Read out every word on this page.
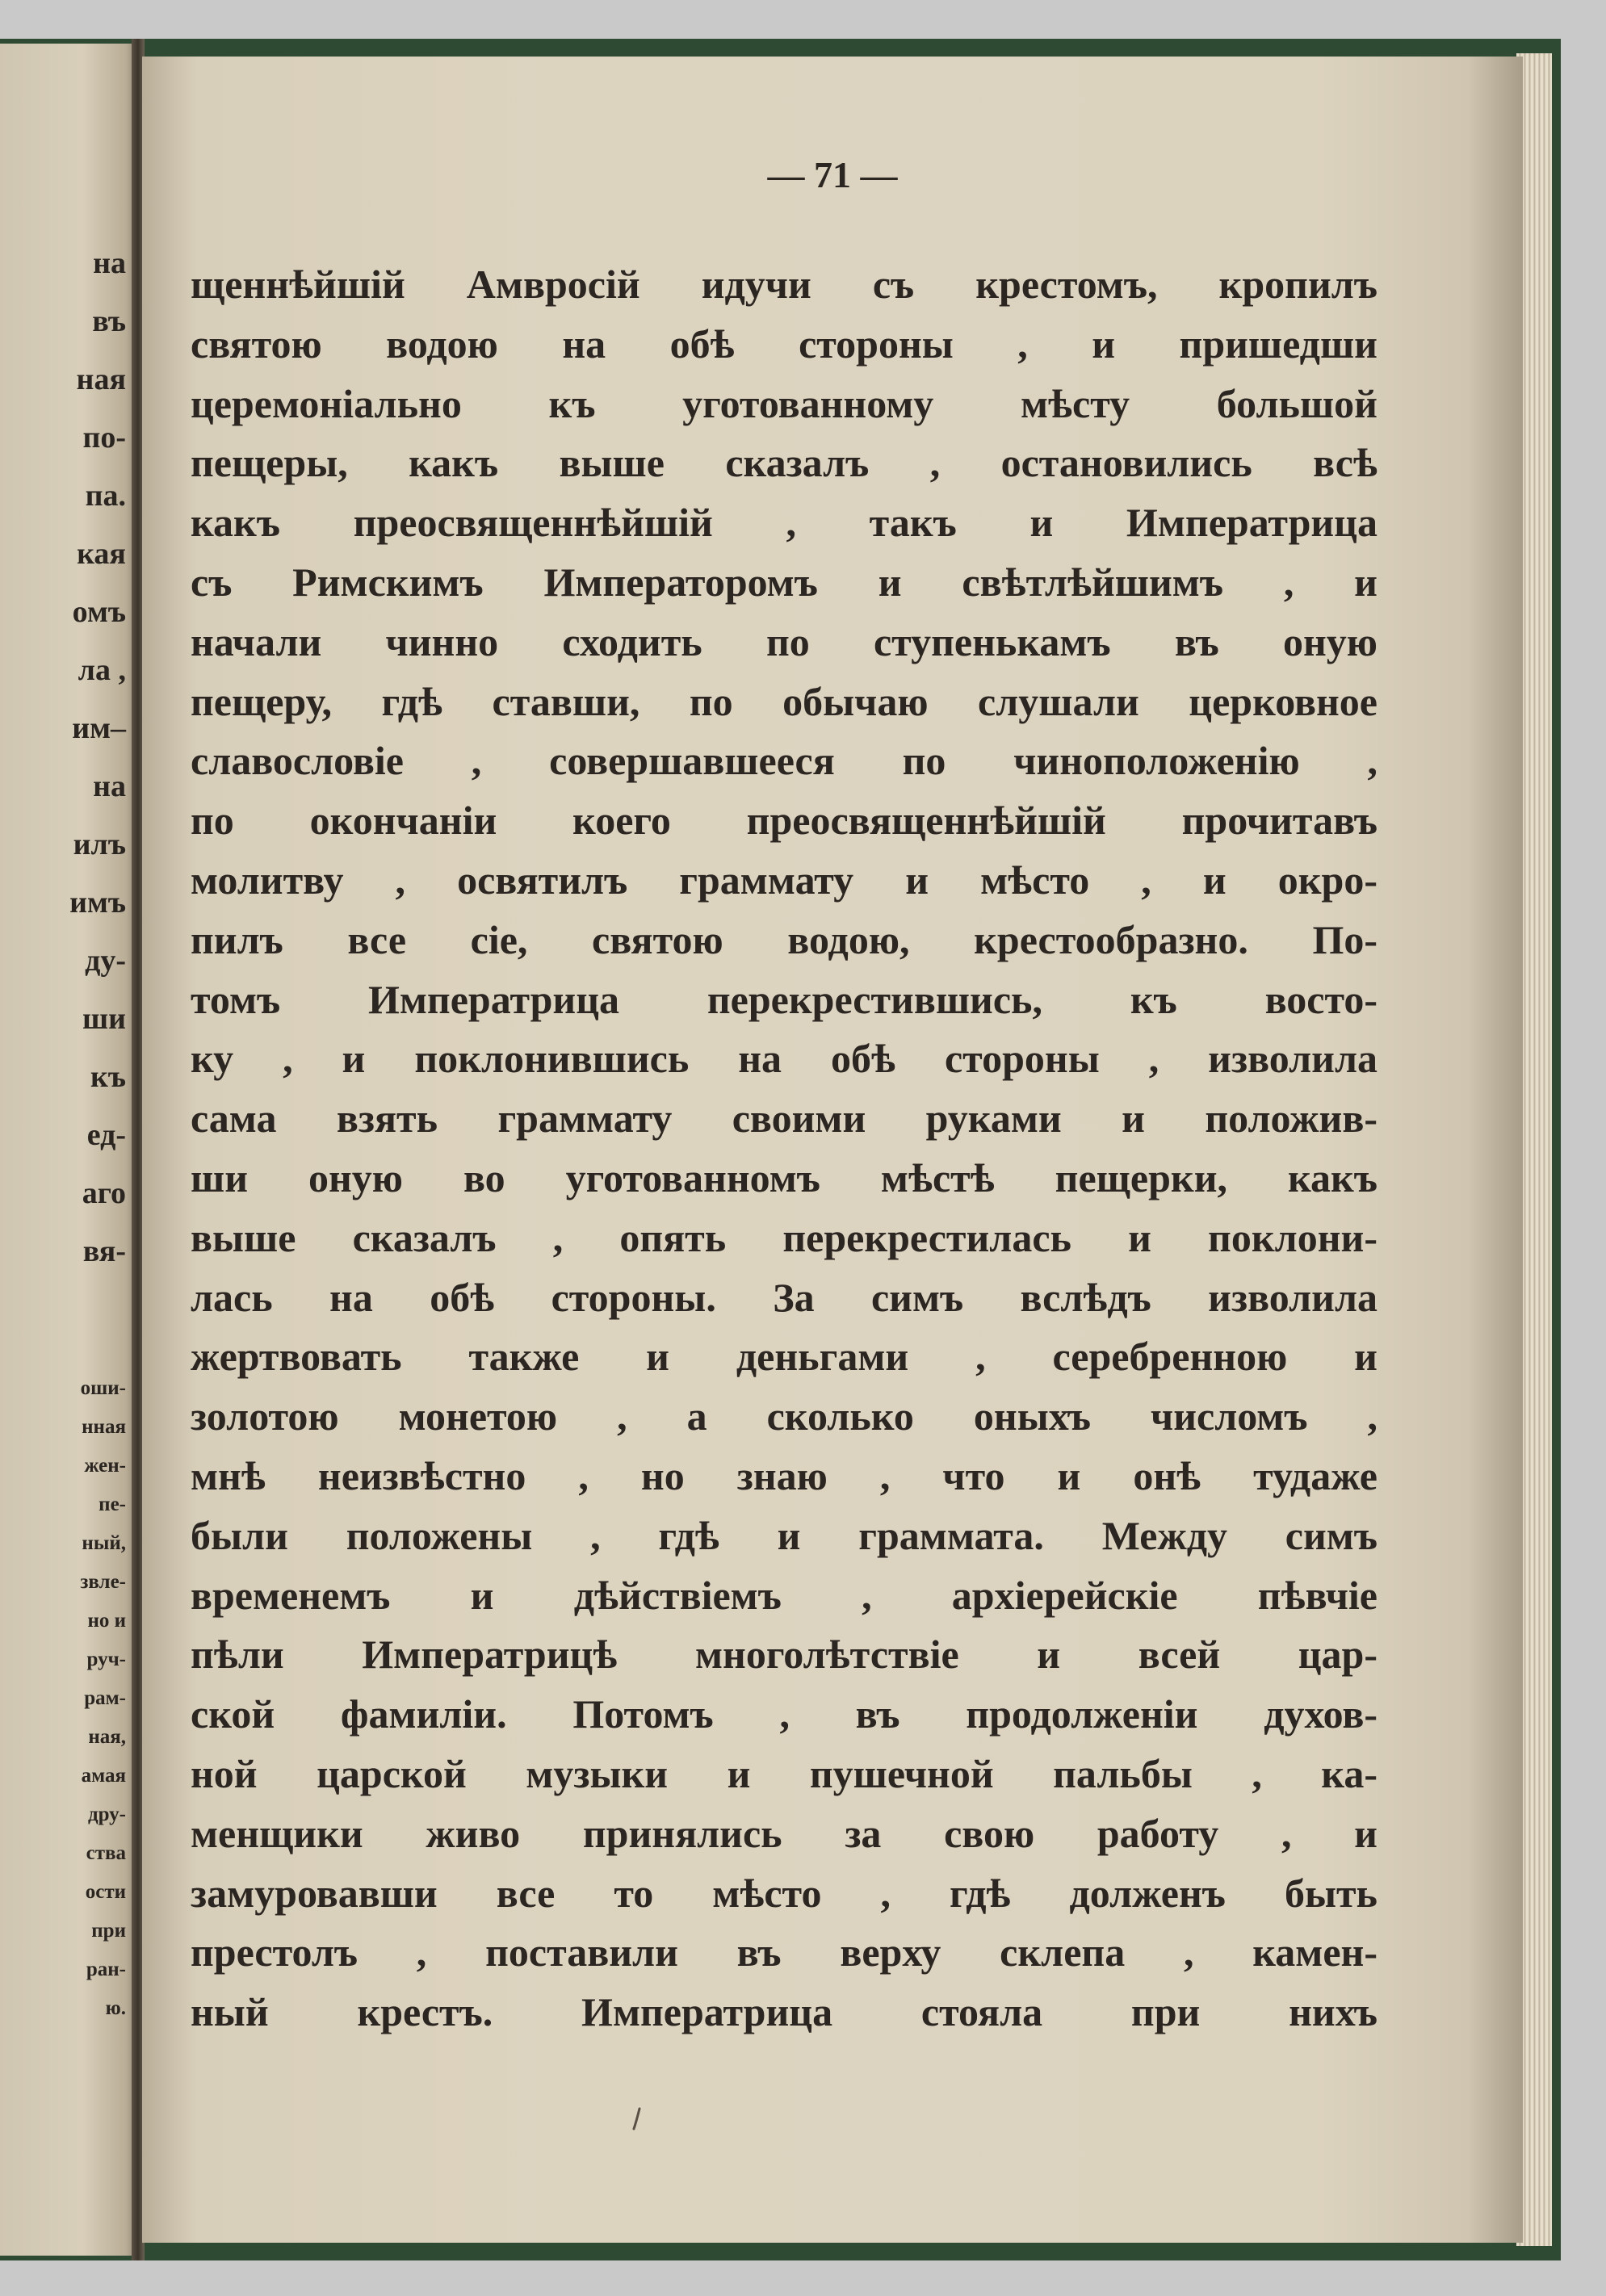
на
въ
ная
по-
па.
кая
омъ
ла ,
им–
на
илъ
имъ
ду-
ши
къ
ед-
аго
вя-
оши-
нная
жен-
пе-
ный,
звле-
но и
руч-
рам-
ная,
амая
дру-
ства
ости
при
ран-
ю.
— 71 —
щеннѣйшій Амвросій идучи съ крестомъ, кропилъ
святою водою на обѣ стороны , и пришедши
церемоніально къ уготованному мѣсту большой
пещеры, какъ выше сказалъ , остановились всѣ
какъ преосвященнѣйшій , такъ и Императрица
съ Римскимъ Императоромъ и свѣтлѣйшимъ , и
начали чинно сходить по ступенькамъ въ оную
пещеру, гдѣ ставши, по обычаю слушали церковное
славословіе , совершавшееся по чиноположенію ,
по окончаніи коего преосвященнѣйшій прочитавъ
молитву , освятилъ граммату и мѣсто , и окро-
пилъ все сіе, святою водою, крестообразно. По-
томъ Императрица перекрестившись, къ восто-
ку , и поклонившись на обѣ стороны , изволила
сама взять граммату своими руками и положив-
ши оную во уготованномъ мѣстѣ пещерки, какъ
выше сказалъ , опять перекрестилась и поклони-
лась на обѣ стороны. За симъ вслѣдъ изволила
жертвовать также и деньгами , серебренною и
золотою монетою , а сколько оныхъ числомъ ,
мнѣ неизвѣстно , но знаю , что и онѣ тудаже
были положены , гдѣ и граммата. Между симъ
временемъ и дѣйствіемъ , архіерейскіе пѣвчіе
пѣли Императрицѣ многолѣтствіе и всей цар-
ской фамиліи. Потомъ , въ продолженіи духов-
ной царской музыки и пушечной пальбы , ка-
менщики живо принялись за свою работу , и
замуровавши все то мѣсто , гдѣ долженъ быть
престолъ , поставили въ верху склепа , камен-
ный крестъ. Императрица стояла при нихъ
